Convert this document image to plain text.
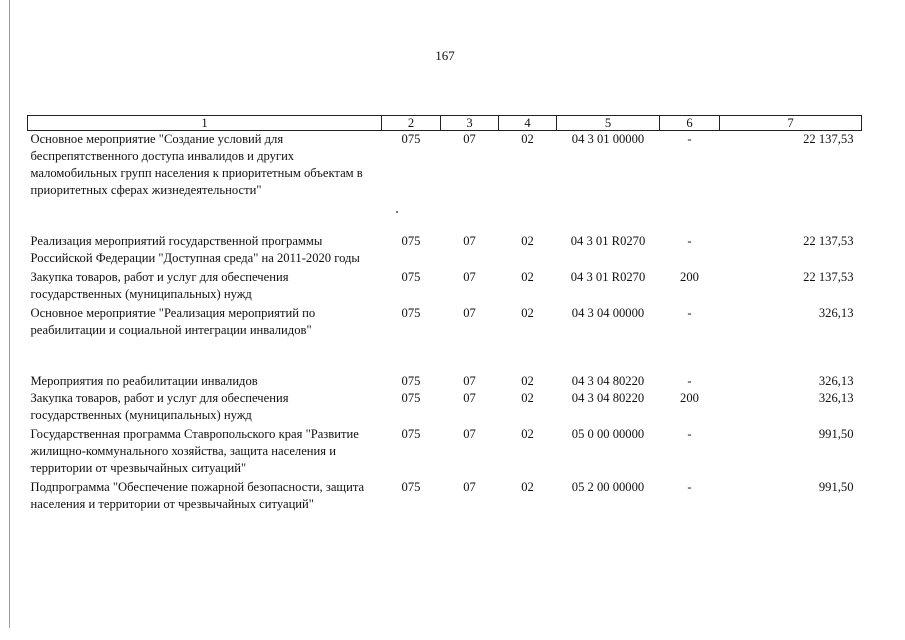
167
1	2	3	4	5	6	7
Основное мероприятие "Создание условий для беспрепятственного доступа инвалидов и других маломобильных групп населения к приоритетным объектам в приоритетных сферах жизнедеятельности"	075	07	02	04 3 01 00000	-	22 137,53
Реализация мероприятий государственной программы Российской Федерации "Доступная среда" на 2011-2020 годы	075	07	02	04 3 01 R0270	-	22 137,53
Закупка товаров, работ и услуг для обеспечения государственных (муниципальных) нужд	075	07	02	04 3 01 R0270	200	22 137,53
Основное мероприятие "Реализация мероприятий по реабилитации и социальной интеграции инвалидов"	075	07	02	04 3 04 00000	-	326,13
Мероприятия по реабилитации инвалидов	075	07	02	04 3 04 80220	-	326,13
Закупка товаров, работ и услуг для обеспечения государственных (муниципальных) нужд	075	07	02	04 3 04 80220	200	326,13
Государственная программа Ставропольского края "Развитие жилищно-коммунального хозяйства, защита населения и территории от чрезвычайных ситуаций"	075	07	02	05 0 00 00000	-	991,50
Подпрограмма "Обеспечение пожарной безопасности, защита населения и территории от чрезвычайных ситуаций"	075	07	02	05 2 00 00000	-	991,50
